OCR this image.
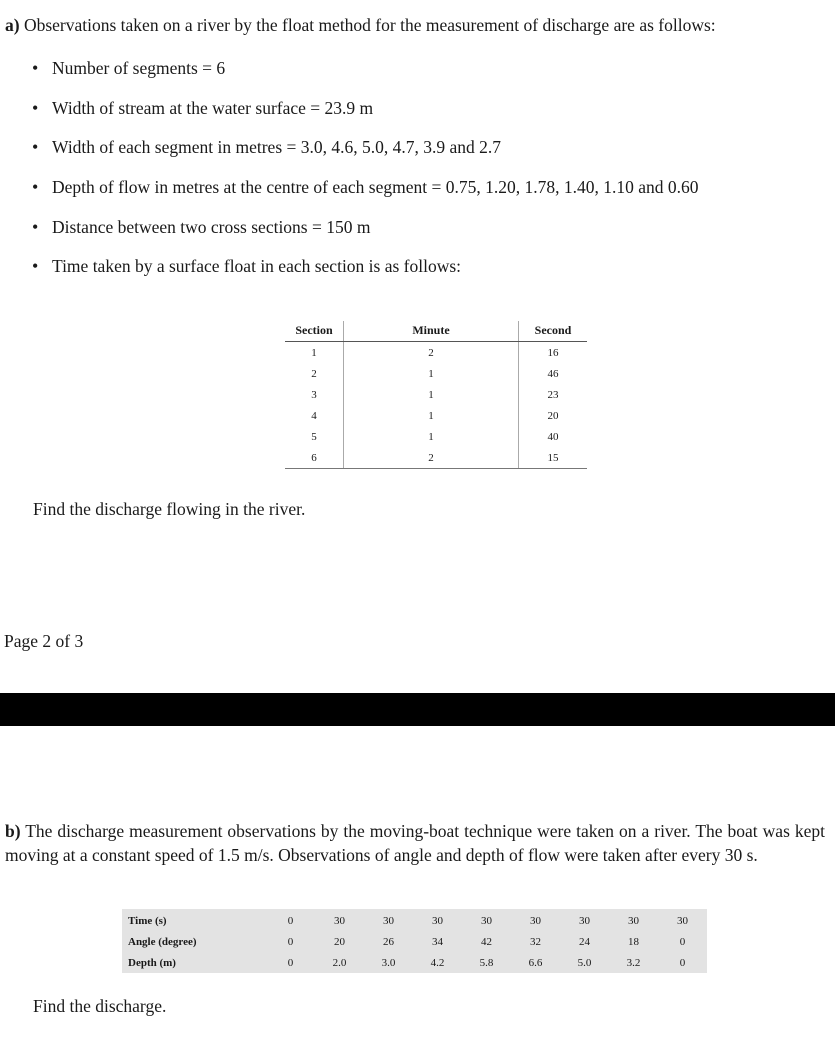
a) Observations taken on a river by the float method for the measurement of discharge are as follows:
• Number of segments = 6
• Width of stream at the water surface = 23.9 m
• Width of each segment in metres = 3.0, 4.6, 5.0, 4.7, 3.9 and 2.7
• Depth of flow in metres at the centre of each segment = 0.75, 1.20, 1.78, 1.40, 1.10 and 0.60
• Distance between two cross sections = 150 m
• Time taken by a surface float in each section is as follows:
Section	Minute	Second
1	2	16
2	1	46
3	1	23
4	1	20
5	1	40
6	2	15
Find the discharge flowing in the river.
Page 2 of 3
b) The discharge measurement observations by the moving-boat technique were taken on a river. The boat was kept moving at a constant speed of 1.5 m/s. Observations of angle and depth of flow were taken after every 30 s.
Time (s)	0	30	30	30	30	30	30	30	30
Angle (degree)	0	20	26	34	42	32	24	18	0
Depth (m)	0	2.0	3.0	4.2	5.8	6.6	5.0	3.2	0
Find the discharge.
